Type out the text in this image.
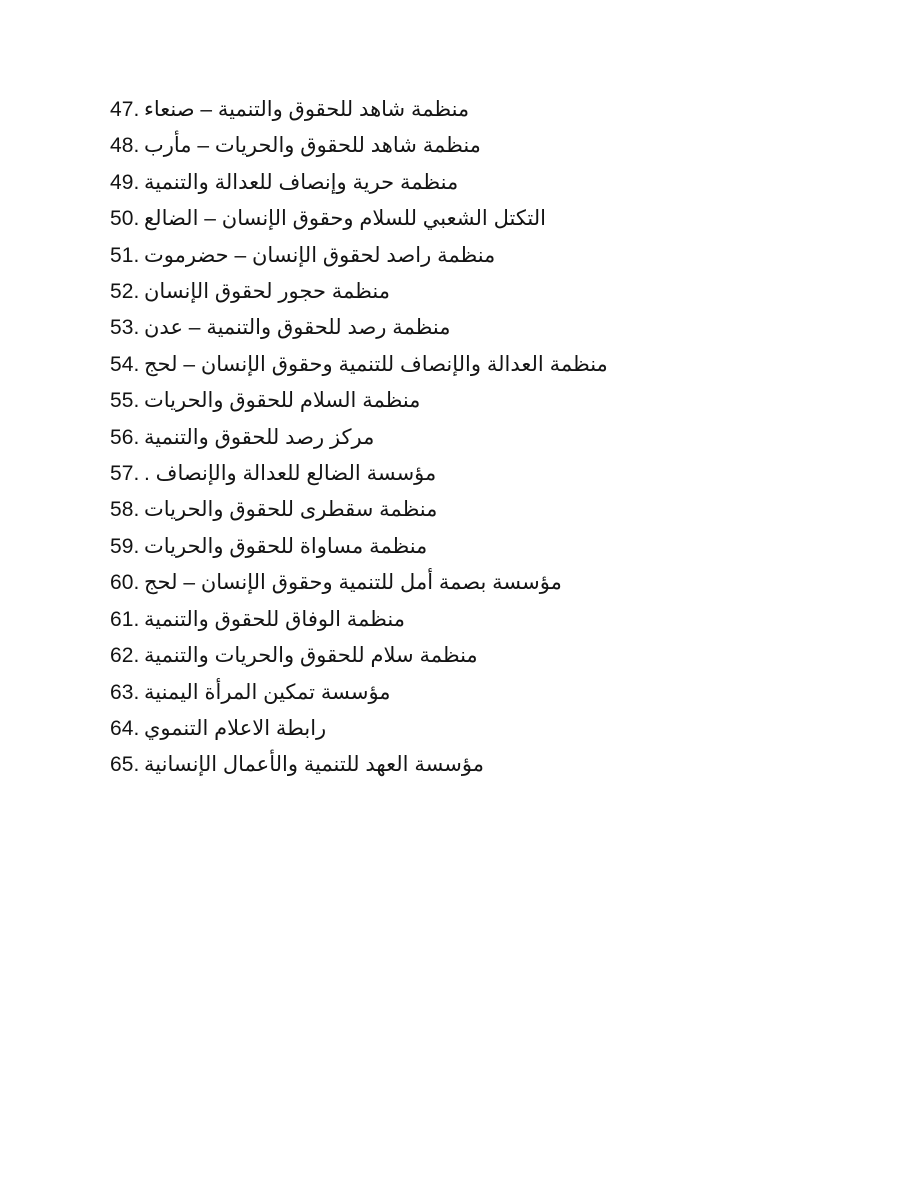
47. منظمة شاهد للحقوق والتنمية – صنعاء
48. منظمة شاهد للحقوق والحريات – مأرب
49. منظمة حرية وإنصاف للعدالة والتنمية
50. التكتل الشعبي للسلام وحقوق الإنسان – الضالع
51. منظمة راصد لحقوق الإنسان – حضرموت
52. منظمة حجور لحقوق الإنسان
53. منظمة رصد للحقوق والتنمية – عدن
54. منظمة العدالة والإنصاف للتنمية وحقوق الإنسان – لحج
55. منظمة السلام للحقوق والحريات
56. مركز رصد للحقوق والتنمية
57. . مؤسسة الضالع للعدالة والإنصاف
58. منظمة سقطرى للحقوق والحريات
59. منظمة مساواة للحقوق والحريات
60. مؤسسة بصمة أمل للتنمية وحقوق الإنسان – لحج
61. منظمة الوفاق للحقوق والتنمية
62. منظمة سلام للحقوق والحريات والتنمية
63. مؤسسة تمكين المرأة اليمنية
64. رابطة الاعلام التنموي
65. مؤسسة العهد للتنمية والأعمال الإنسانية
